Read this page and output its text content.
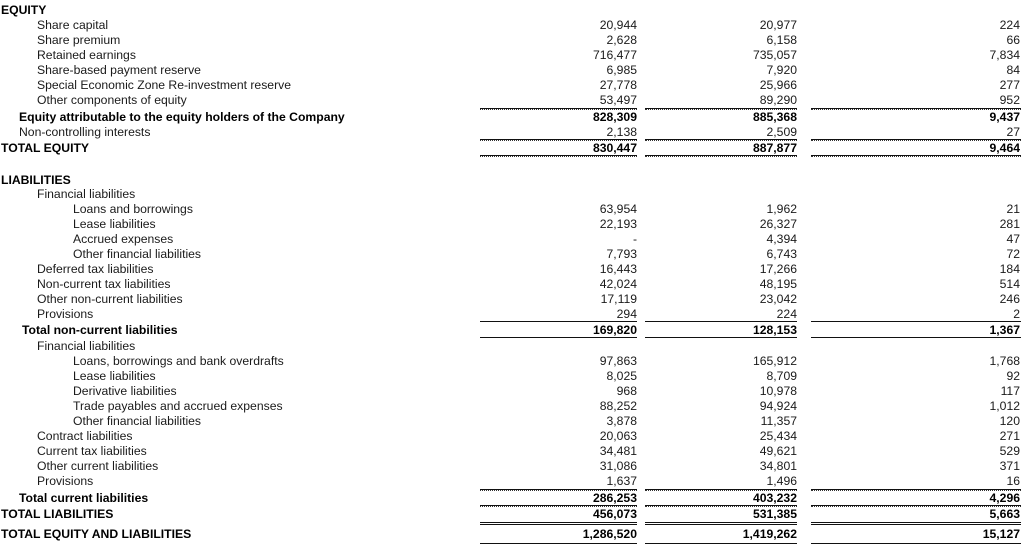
EQUITY
Share capital	20,944	20,977	224
Share premium	2,628	6,158	66
Retained earnings	716,477	735,057	7,834
Share-based payment reserve	6,985	7,920	84
Special Economic Zone Re-investment reserve	27,778	25,966	277
Other components of equity	53,497	89,290	952
Equity attributable to the equity holders of the Company	828,309	885,368	9,437
Non-controlling interests	2,138	2,509	27
TOTAL EQUITY	830,447	887,877	9,464
LIABILITIES
Financial liabilities
Loans and borrowings	63,954	1,962	21
Lease liabilities	22,193	26,327	281
Accrued expenses	-	4,394	47
Other financial liabilities	7,793	6,743	72
Deferred tax liabilities	16,443	17,266	184
Non-current tax liabilities	42,024	48,195	514
Other non-current liabilities	17,119	23,042	246
Provisions	294	224	2
Total non-current liabilities	169,820	128,153	1,367
Financial liabilities
Loans, borrowings and bank overdrafts	97,863	165,912	1,768
Lease liabilities	8,025	8,709	92
Derivative liabilities	968	10,978	117
Trade payables and accrued expenses	88,252	94,924	1,012
Other financial liabilities	3,878	11,357	120
Contract liabilities	20,063	25,434	271
Current tax liabilities	34,481	49,621	529
Other current liabilities	31,086	34,801	371
Provisions	1,637	1,496	16
Total current liabilities	286,253	403,232	4,296
TOTAL LIABILITIES	456,073	531,385	5,663
TOTAL EQUITY AND LIABILITIES	1,286,520	1,419,262	15,127
